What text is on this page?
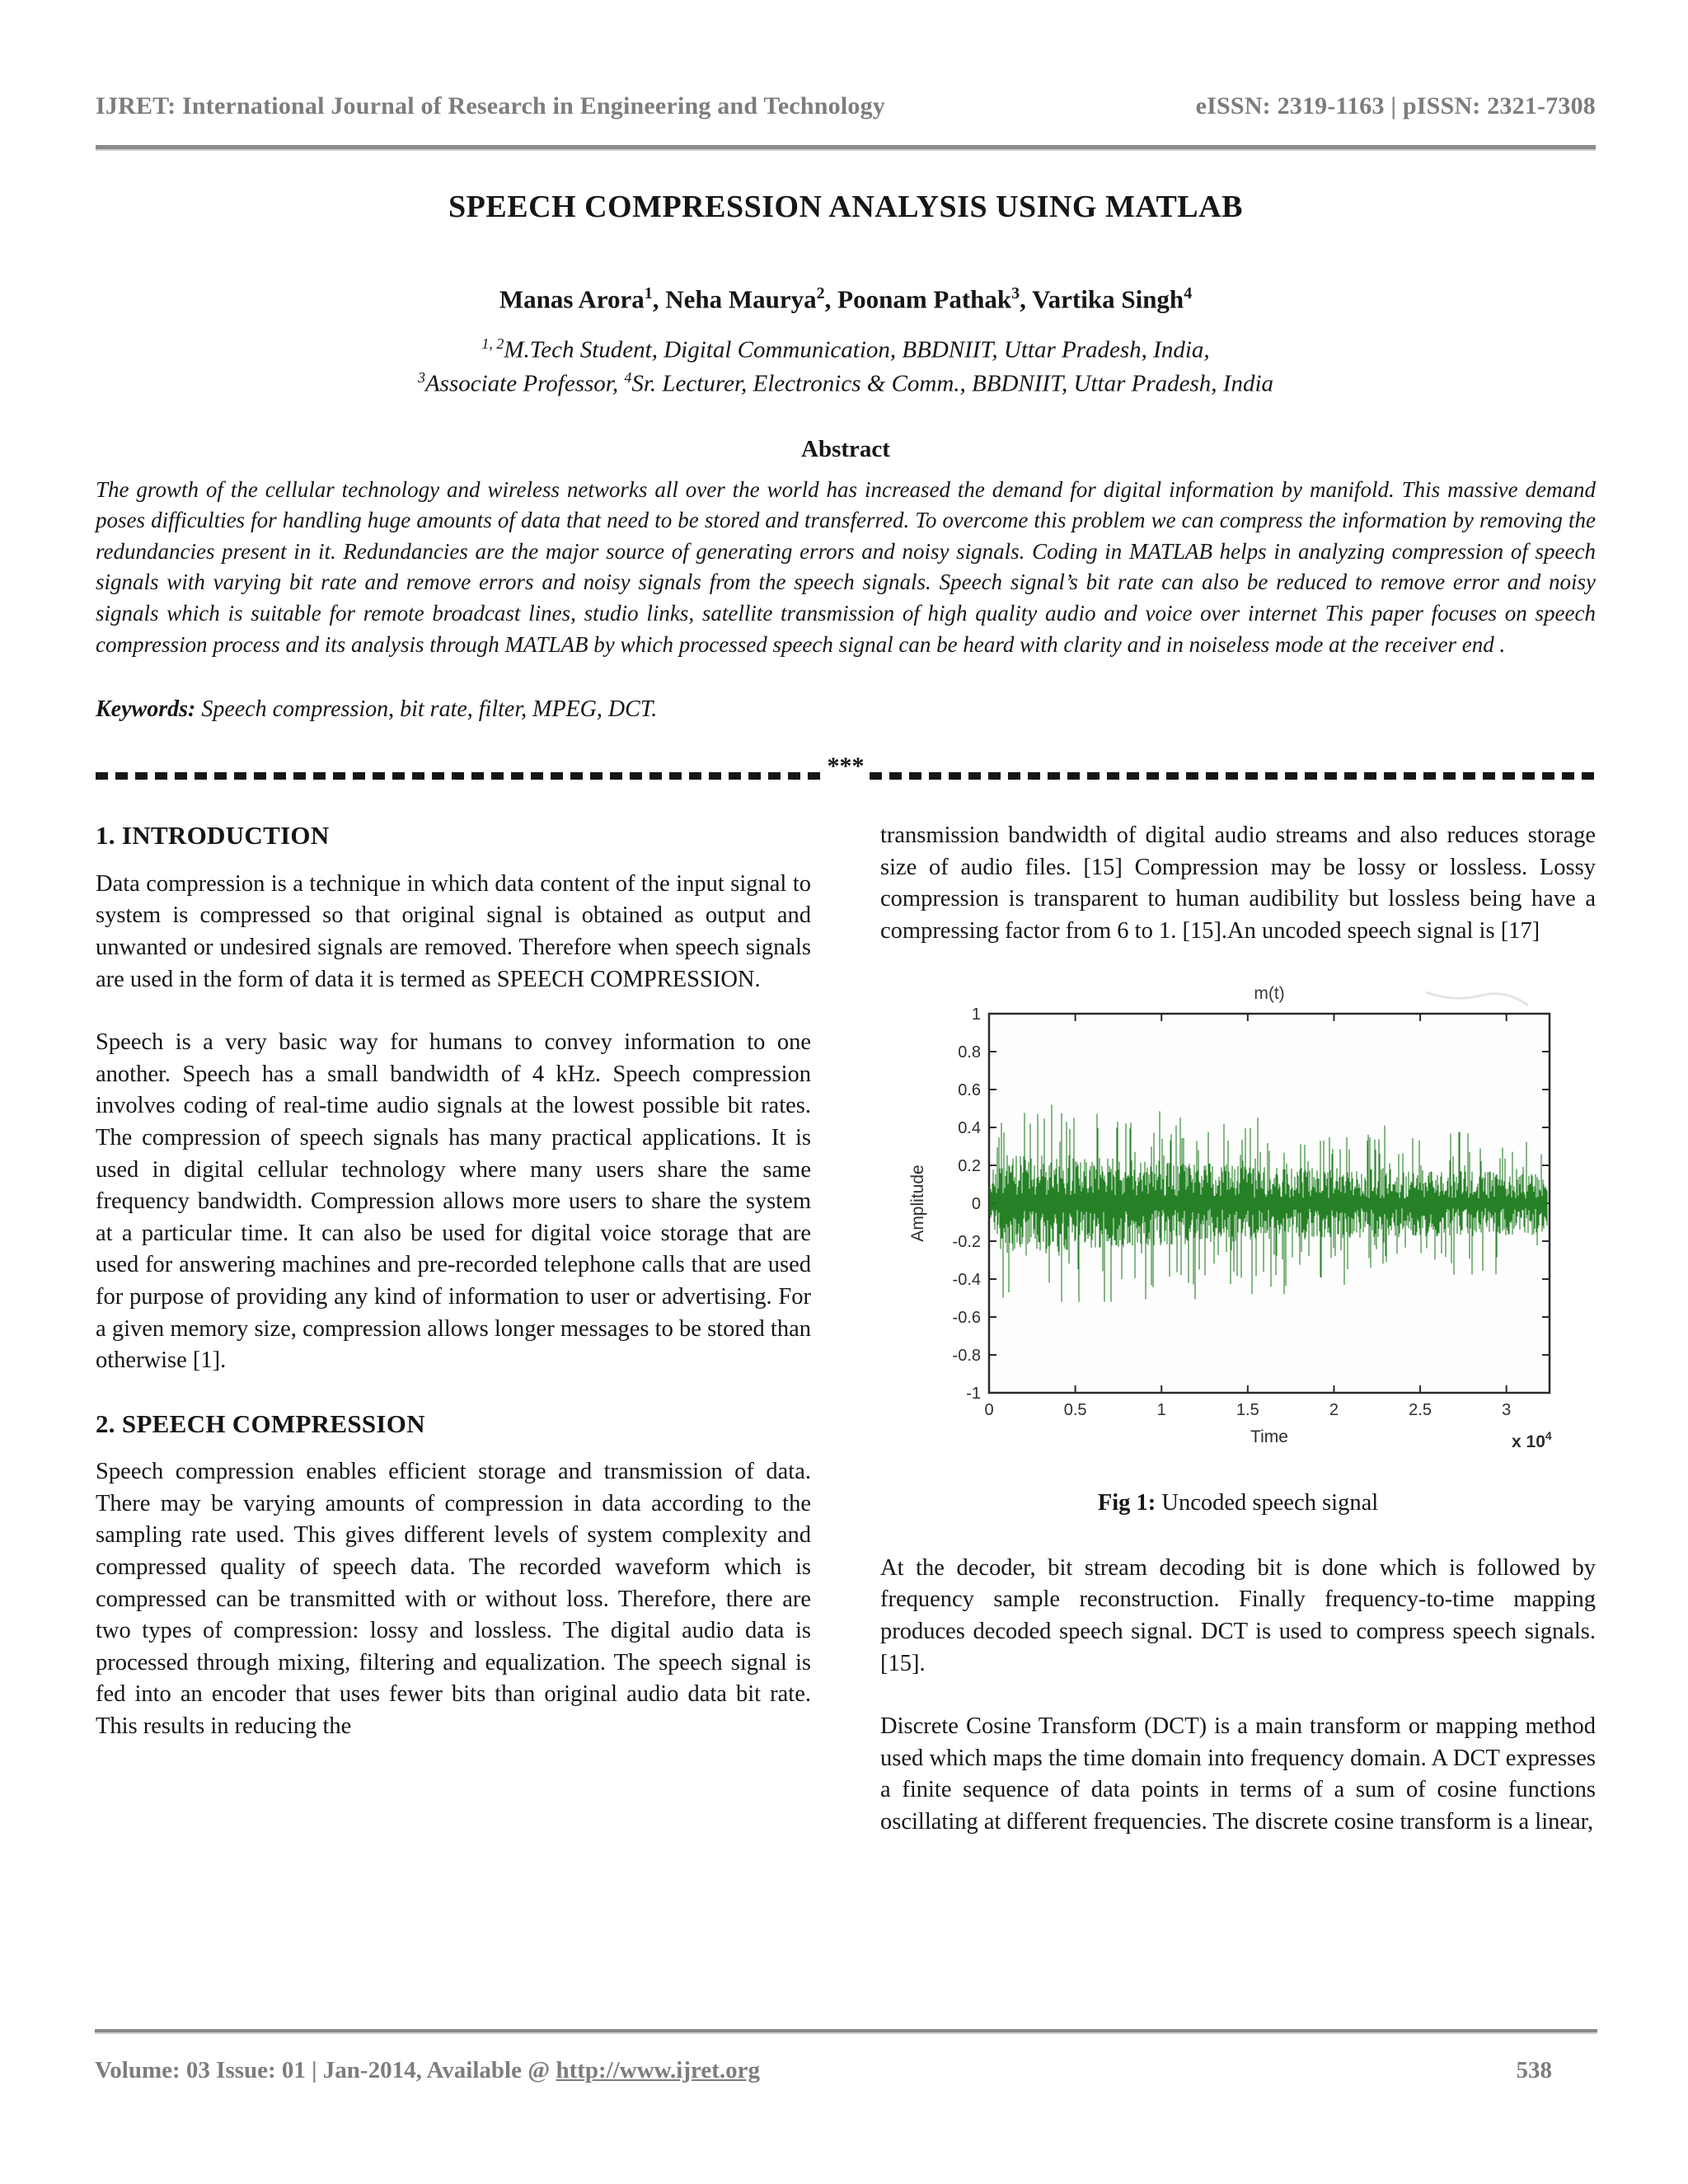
IJRET: International Journal of Research in Engineering and Technology	eISSN: 2319-1163 | pISSN: 2321-7308
SPEECH COMPRESSION ANALYSIS USING MATLAB
Manas Arora$^1$, Neha Maurya$^2$, Poonam Pathak$^3$, Vartika Singh$^4$
$^{1, 2}$M.Tech Student, Digital Communication, BBDNIIT, Uttar Pradesh, India,
$^3$Associate Professor, $^4$Sr. Lecturer, Electronics & Comm., BBDNIIT, Uttar Pradesh, India
Abstract
The growth of the cellular technology and wireless networks all over the world has increased the demand for digital information by manifold. This massive demand poses difficulties for handling huge amounts of data that need to be stored and transferred. To overcome this problem we can compress the information by removing the redundancies present in it. Redundancies are the major source of generating errors and noisy signals. Coding in MATLAB helps in analyzing compression of speech signals with varying bit rate and remove errors and noisy signals from the speech signals. Speech signal’s bit rate can also be reduced to remove error and noisy signals which is suitable for remote broadcast lines, studio links, satellite transmission of high quality audio and voice over internet This paper focuses on speech compression process and its analysis through MATLAB by which processed speech signal can be heard with clarity and in noiseless mode at the receiver end .
Keywords: Speech compression, bit rate, filter, MPEG, DCT.
***
1. INTRODUCTION

Data compression is a technique in which data content of the input signal to system is compressed so that original signal is obtained as output and unwanted or undesired signals are removed. Therefore when speech signals are used in the form of data it is termed as SPEECH COMPRESSION.

Speech is a very basic way for humans to convey information to one another. Speech has a small bandwidth of 4 kHz. Speech compression involves coding of real-time audio signals at the lowest possible bit rates. The compression of speech signals has many practical applications. It is used in digital cellular technology where many users share the same frequency bandwidth. Compression allows more users to share the system at a particular time. It can also be used for digital voice storage that are used for answering machines and pre-recorded telephone calls that are used for purpose of providing any kind of information to user or advertising. For a given memory size, compression allows longer messages to be stored than otherwise [1].

2. SPEECH COMPRESSION

Speech compression enables efficient storage and transmission of data. There may be varying amounts of compression in data according to the sampling rate used. This gives different levels of system complexity and compressed quality of speech data. The recorded waveform which is compressed can be transmitted with or without loss. Therefore, there are two types of compression: lossy and lossless. The digital audio data is processed through mixing, filtering and equalization. The speech signal is fed into an encoder that uses fewer bits than original audio data bit rate. This results in reducing the

transmission bandwidth of digital audio streams and also reduces storage size of audio files. [15] Compression may be lossy or lossless. Lossy compression is transparent to human audibility but lossless being have a compressing factor from 6 to 1. [15].An uncoded speech signal is [17]

m(t)
0	0.5	1	1.5	2	2.5	3
1
0.8
0.6
0.4
0.2
0
-0.2
-0.4
-0.6
-0.8
-1
Time
Amplitude
x $10^4$
Fig 1: Uncoded speech signal

At the decoder, bit stream decoding bit is done which is followed by frequency sample reconstruction. Finally frequency-to-time mapping produces decoded speech signal. DCT is used to compress speech signals. [15].

Discrete Cosine Transform (DCT) is a main transform or mapping method used which maps the time domain into frequency domain. A DCT expresses a finite sequence of data points in terms of a sum of cosine functions oscillating at different frequencies. The discrete cosine transform is a linear,

Volume: 03 Issue: 01 | Jan-2014, Available @ http://www.ijret.org	538
